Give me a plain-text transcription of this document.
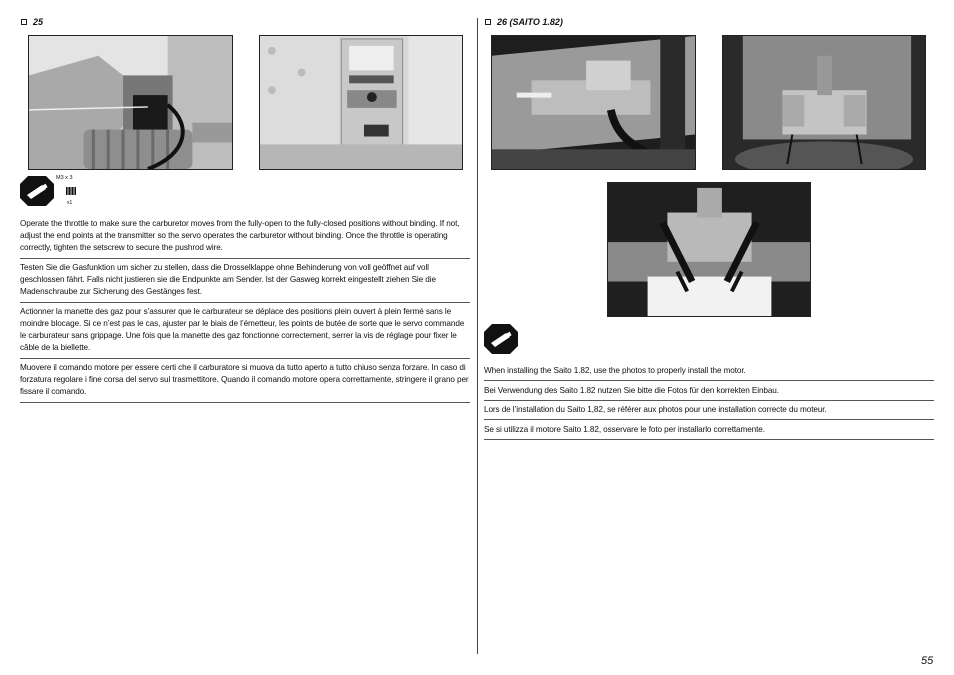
25
M3 x 3
x1
Operate the throttle to make sure the carburetor moves from the fully-open to the fully-closed positions without binding. If not, adjust the end points at the transmitter so the servo operates the carburetor without binding. Once the throttle is operating correctly, tighten the setscrew to secure the pushrod wire.
Testen Sie die Gasfunktion um sicher zu stellen, dass die Drosselklappe ohne Behinderung von voll geöffnet auf voll geschlossen fährt. Falls nicht justieren sie die Endpunkte am Sender. Ist der Gasweg korrekt eingestellt ziehen Sie die Madenschraube zur Sicherung des Gestänges fest.
Actionner la manette des gaz pour s’assurer que le carburateur se déplace des positions plein ouvert à plein fermé sans le moindre blocage. Si ce n’est pas le cas, ajuster par le biais de l’émetteur, les points de butée de sorte que le servo commande le carburateur sans grippage. Une fois que la manette des gaz fonctionne correctement, serrer la vis de réglage pour fixer le câble de la biellette.
Muovere il comando motore per essere certi che il carburatore si muova da tutto aperto a tutto chiuso senza forzare. In caso di forzatura regolare i fine corsa del servo sul trasmettitore. Quando il comando motore opera correttamente, stringere il grano per fissare il comando.
26 (SAITO 1.82)
When installing the Saito 1.82, use the photos to properly install the motor.
Bei Verwendung des Saito 1.82 nutzen Sie bitte die Fotos für den korrekten Einbau.
Lors de l’installation du Saito 1,82, se référer aux photos pour une installation correcte du moteur.
Se si utilizza il motore Saito 1.82, osservare le foto per installarlo correttamente.
55
